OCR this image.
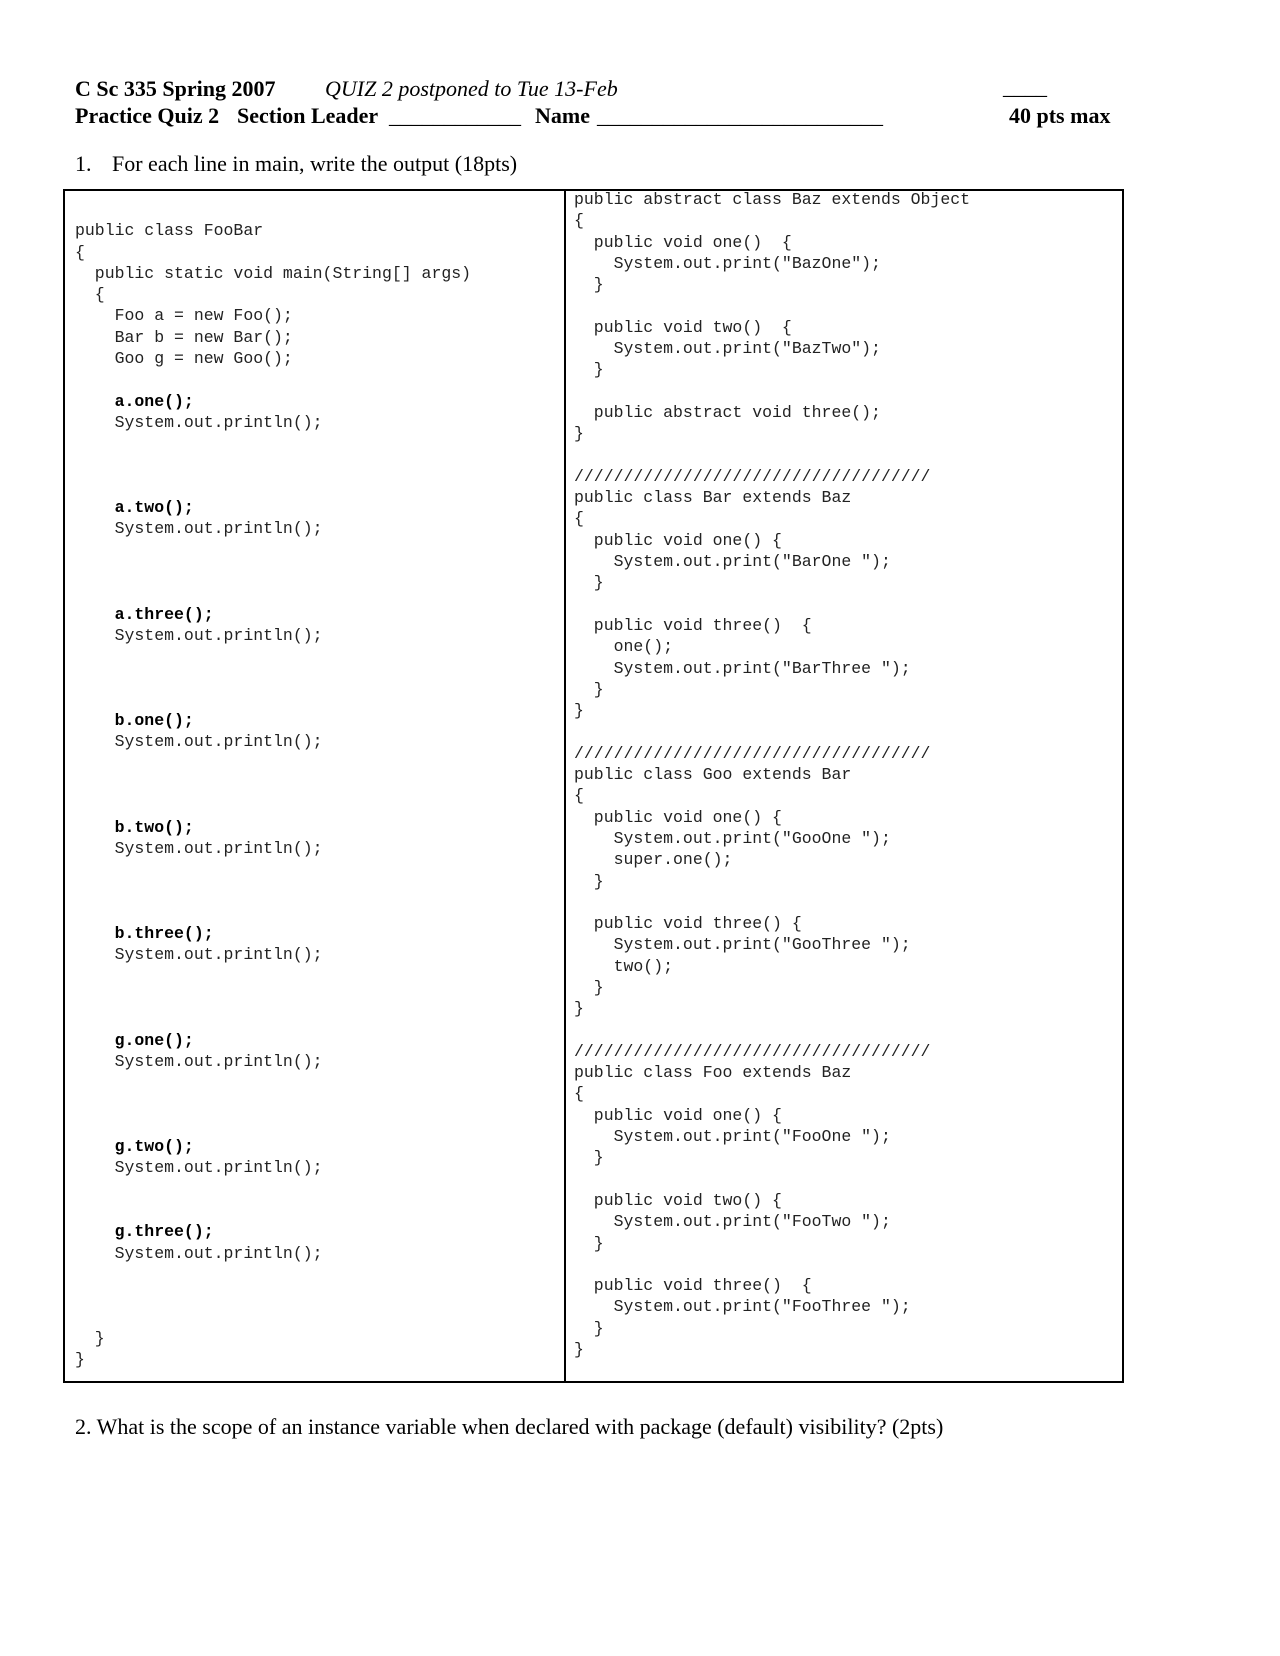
C Sc 335 Spring 2007 QUIZ 2 postponed to Tue 13-Feb	____
Practice Quiz 2 Section Leader ____________ Name __________________________	40 pts max
1. For each line in main, write the output (18pts)
public class FooBar
{
public static void main(String[] args)
{
Foo a = new Foo();
Bar b = new Bar();
Goo g = new Goo();
a.one();
System.out.println();
a.two();
System.out.println();
a.three();
System.out.println();
b.one();
System.out.println();
b.two();
System.out.println();
b.three();
System.out.println();
g.one();
System.out.println();
g.two();
System.out.println();
g.three();
System.out.println();
}
}
public abstract class Baz extends Object
{
public void one()  {
System.out.print("BazOne");
}
public void two()  {
System.out.print("BazTwo");
}
public abstract void three();
}
////////////////////////////////////
public class Bar extends Baz
{
public void one() {
System.out.print("BarOne ");
}
public void three()  {
one();
System.out.print("BarThree ");
}
}
////////////////////////////////////
public class Goo extends Bar
{
public void one() {
System.out.print("GooOne ");
super.one();
}
public void three() {
System.out.print("GooThree ");
two();
}
}
////////////////////////////////////
public class Foo extends Baz
{
public void one() {
System.out.print("FooOne ");
}
public void two() {
System.out.print("FooTwo ");
}
public void three()  {
System.out.print("FooThree ");
}
}
2. What is the scope of an instance variable when declared with package (default) visibility? (2pts)
